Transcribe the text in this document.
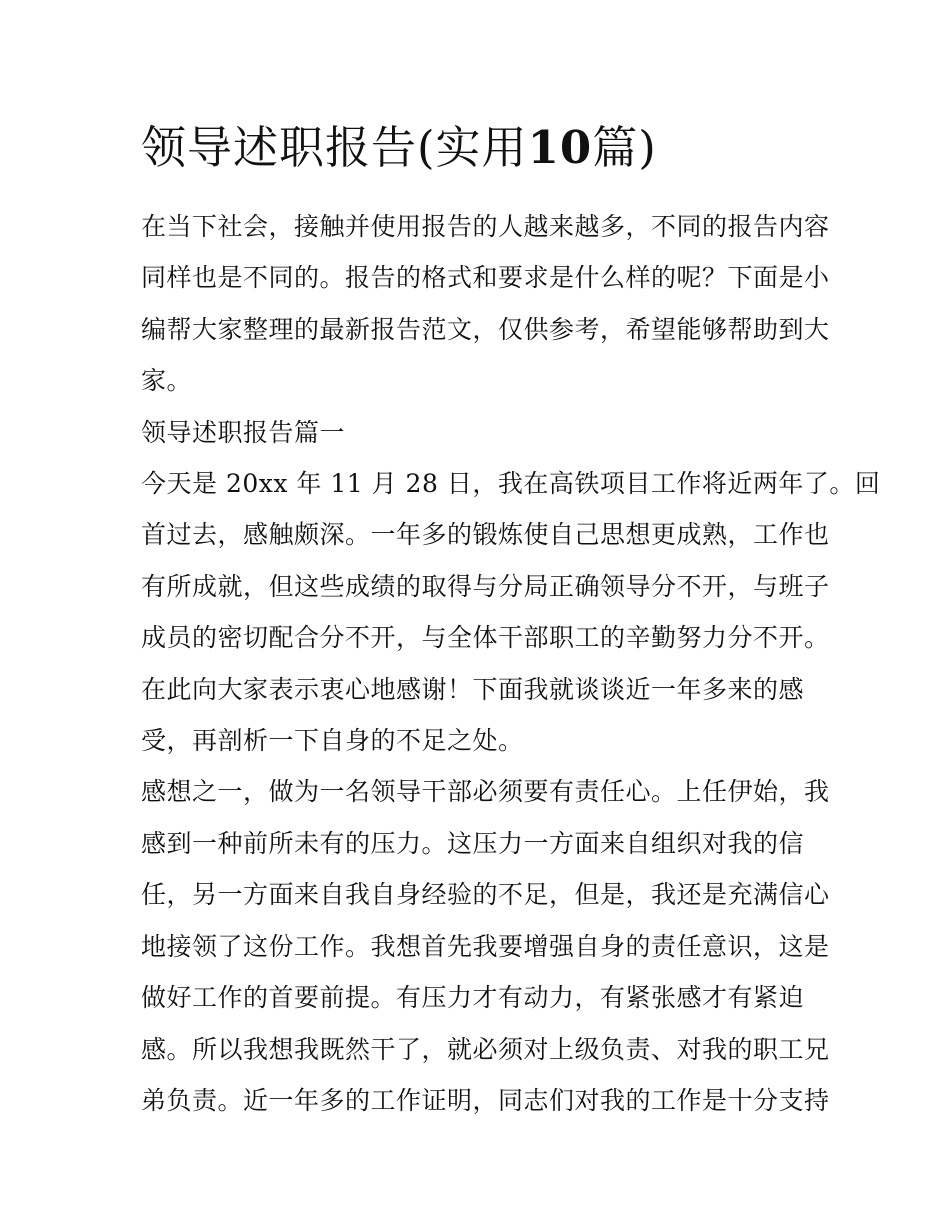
领导述职报告(实用10篇)

在当下社会，接触并使用报告的人越来越多，不同的报告内容
同样也是不同的。报告的格式和要求是什么样的呢？下面是小
编帮大家整理的最新报告范文，仅供参考，希望能够帮助到大
家。

领导述职报告篇一

今天是 20xx 年 11 月 28 日，我在高铁项目工作将近两年了。回
首过去，感触颇深。一年多的锻炼使自己思想更成熟，工作也
有所成就，但这些成绩的取得与分局正确领导分不开，与班子
成员的密切配合分不开，与全体干部职工的辛勤努力分不开。
在此向大家表示衷心地感谢！下面我就谈谈近一年多来的感
受，再剖析一下自身的不足之处。

感想之一，做为一名领导干部必须要有责任心。上任伊始，我
感到一种前所未有的压力。这压力一方面来自组织对我的信
任，另一方面来自我自身经验的不足，但是，我还是充满信心
地接领了这份工作。我想首先我要增强自身的责任意识，这是
做好工作的首要前提。有压力才有动力，有紧张感才有紧迫
感。所以我想我既然干了，就必须对上级负责、对我的职工兄
弟负责。近一年多的工作证明，同志们对我的工作是十分支持
